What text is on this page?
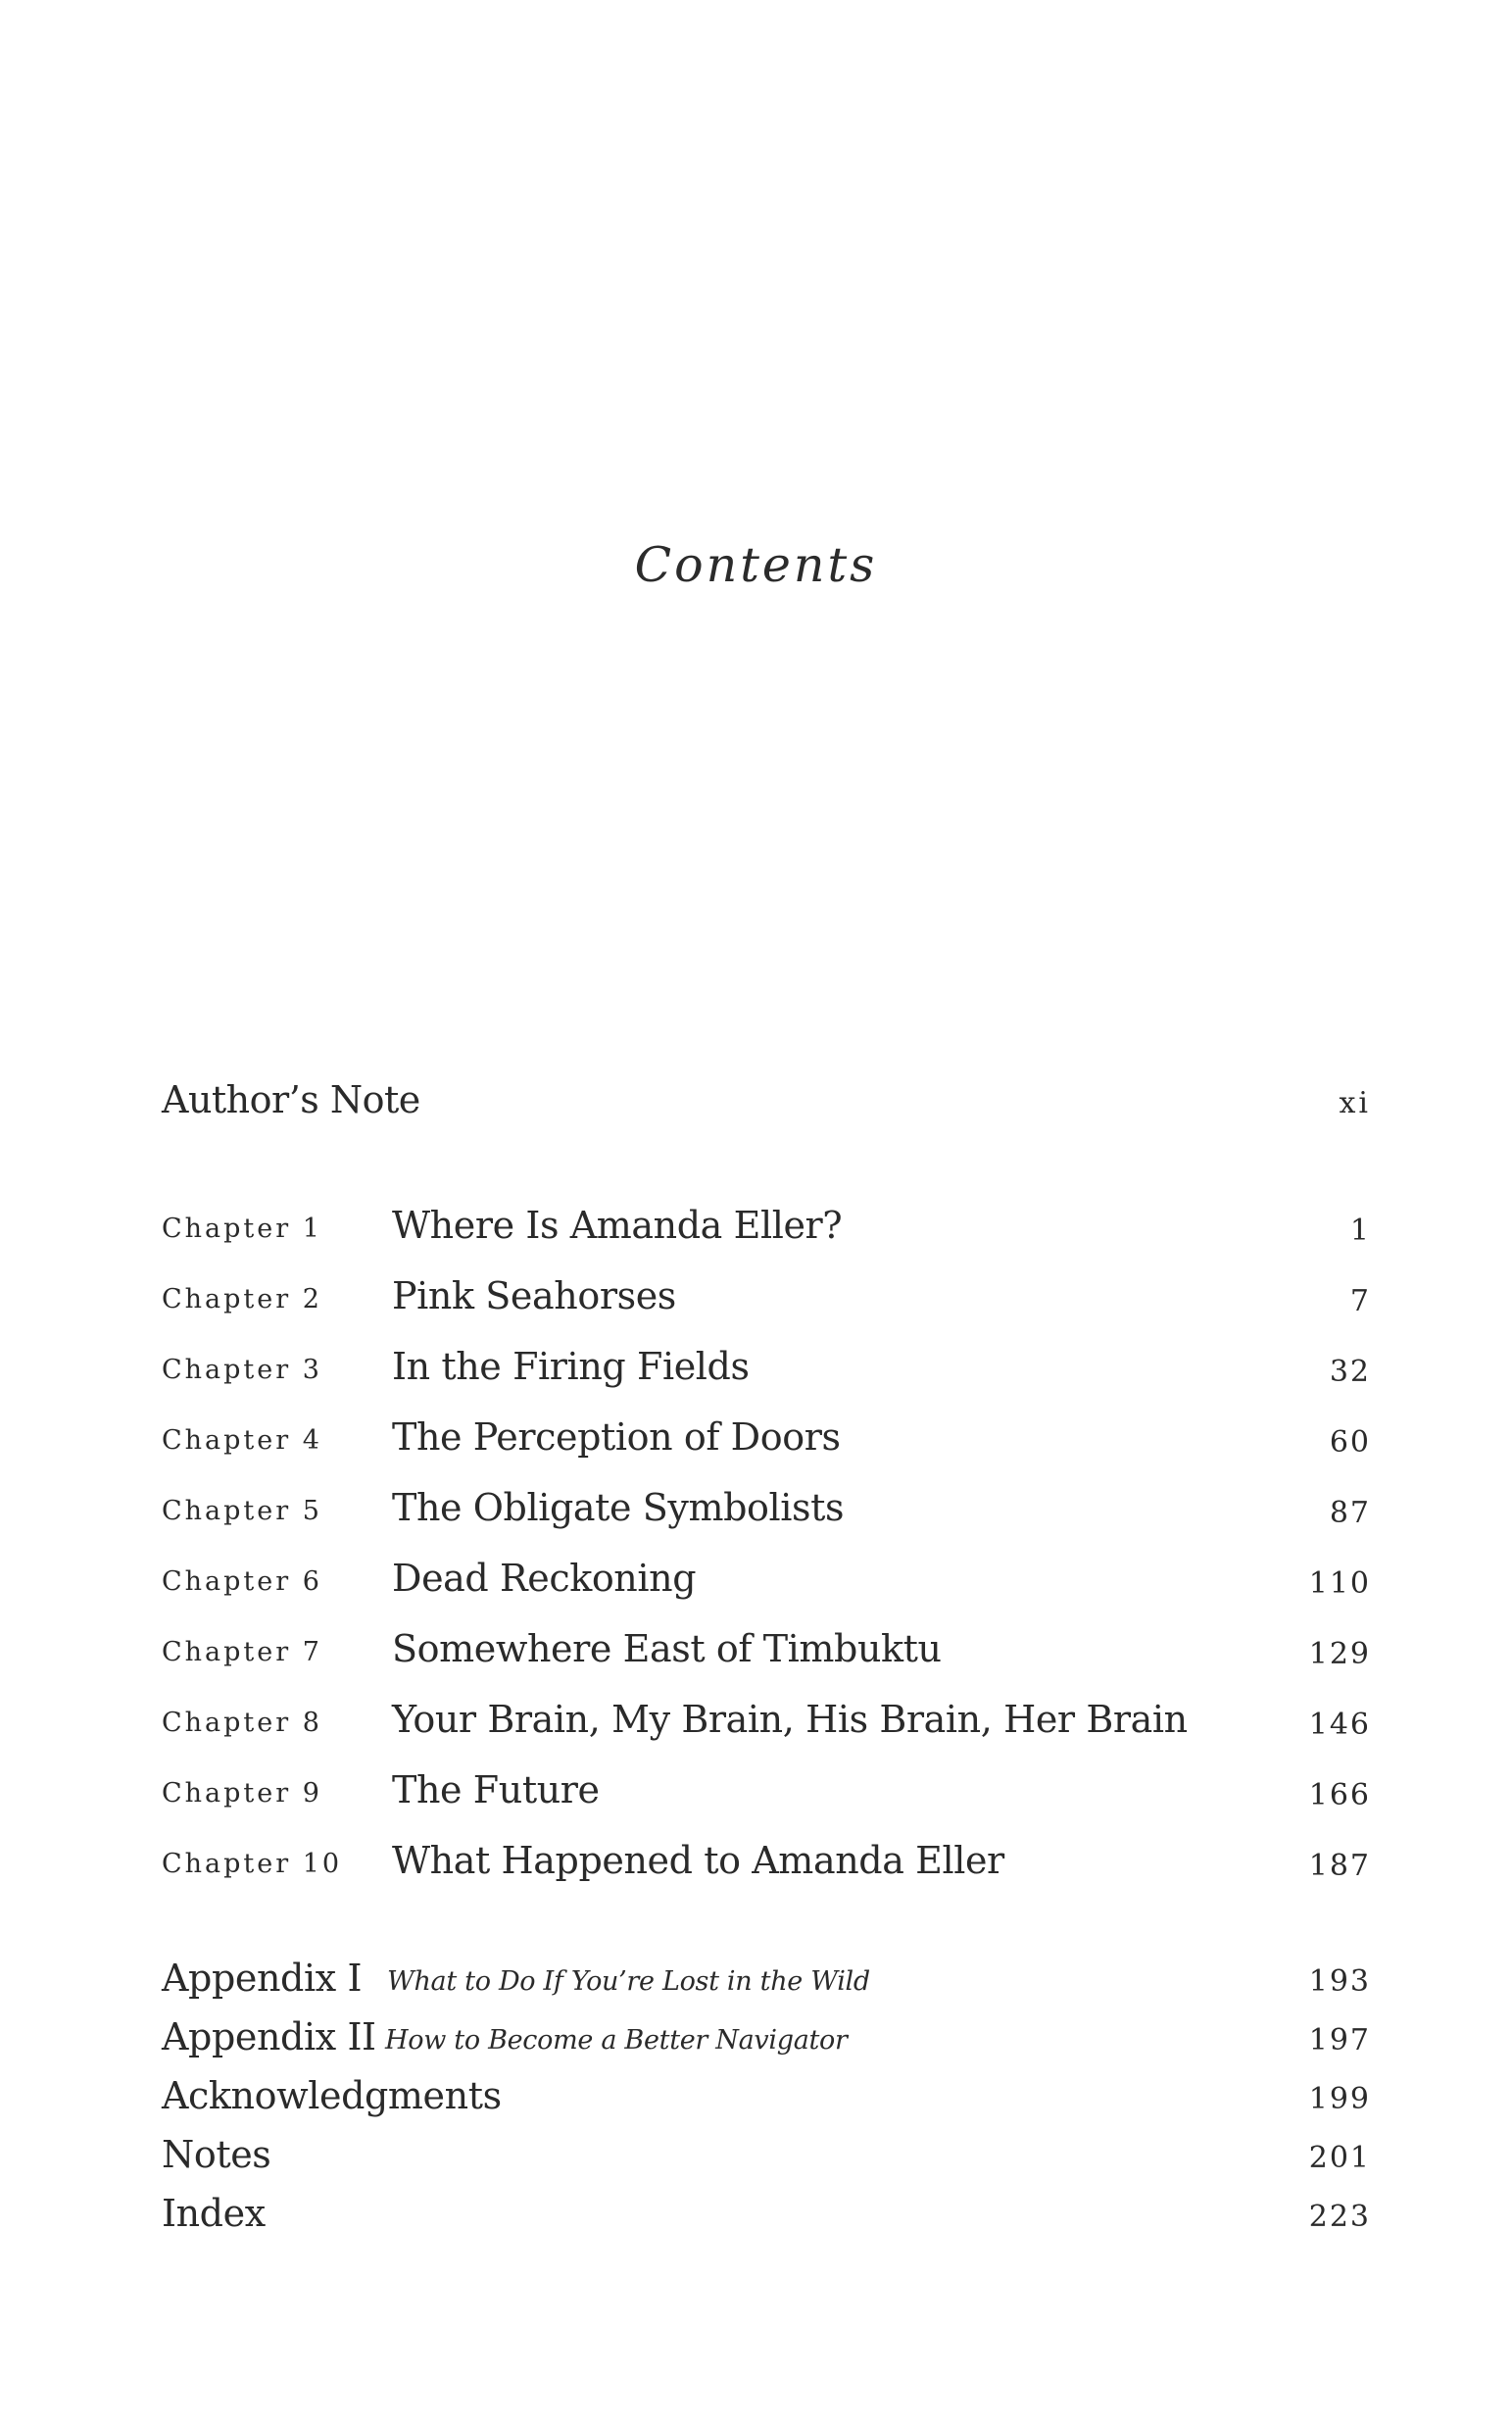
Contents
Author’s Note	xi
Chapter 1 Where Is Amanda Eller?	1
Chapter 2 Pink Seahorses	7
Chapter 3 In the Firing Fields	32
Chapter 4 The Perception of Doors	60
Chapter 5 The Obligate Symbolists	87
Chapter 6 Dead Reckoning	110
Chapter 7 Somewhere East of Timbuktu	129
Chapter 8 Your Brain, My Brain, His Brain, Her Brain	146
Chapter 9 The Future	166
Chapter 10 What Happened to Amanda Eller	187
Appendix I What to Do If You’re Lost in the Wild	193
Appendix II How to Become a Better Navigator	197
Acknowledgments	199
Notes	201
Index	223
